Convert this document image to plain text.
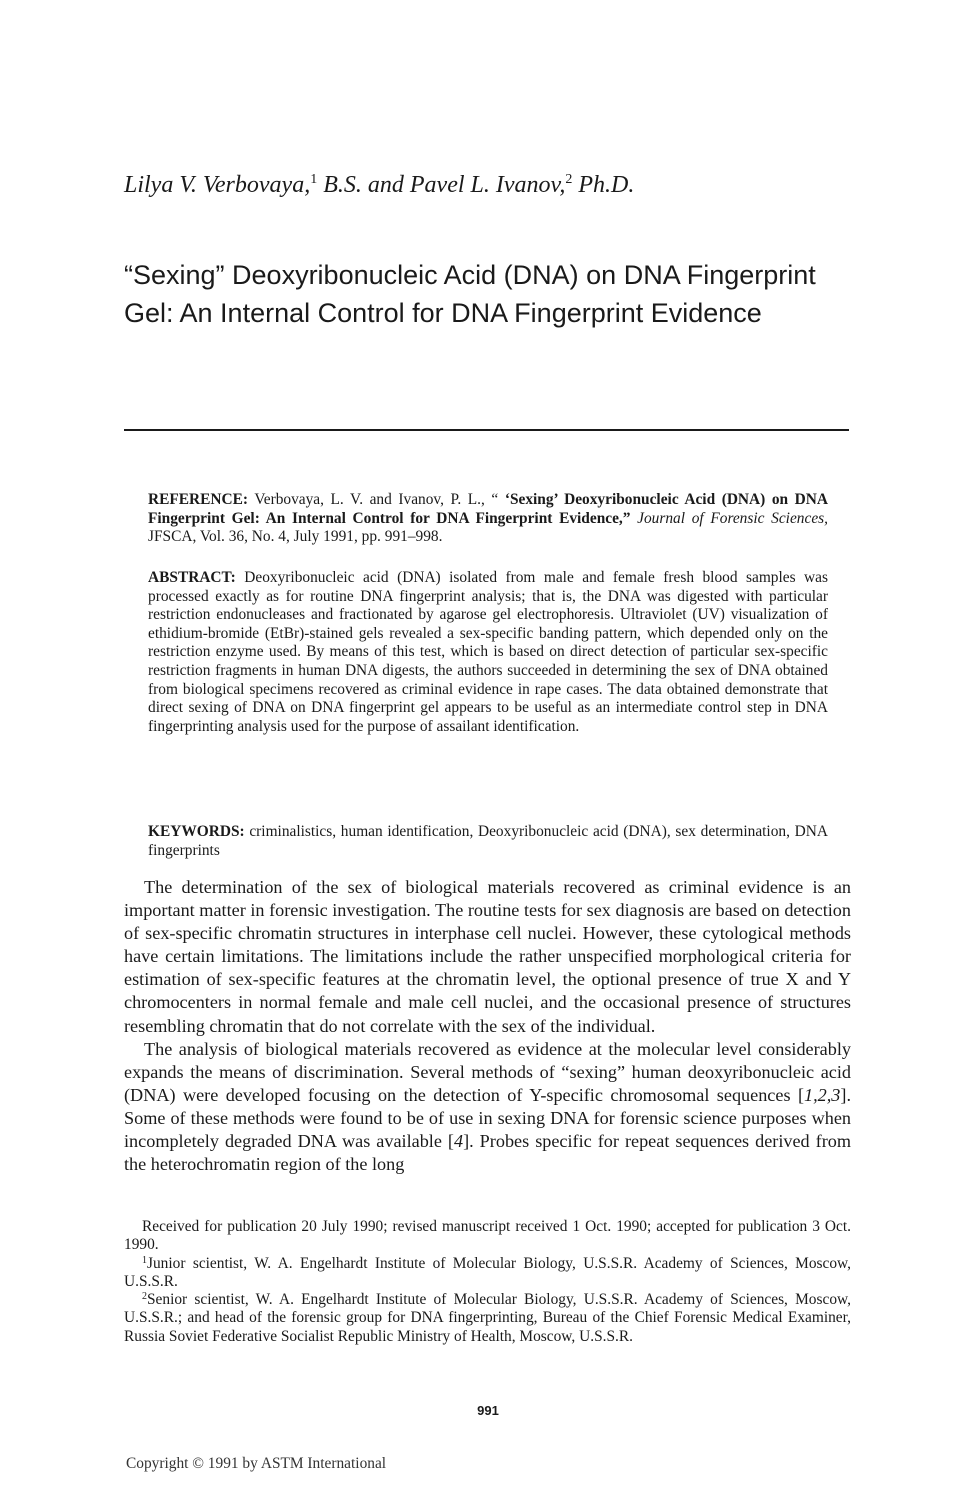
Lilya V. Verbovaya,$^1$ B.S. and Pavel L. Ivanov,$^2$ Ph.D.
“Sexing” Deoxyribonucleic Acid (DNA) on DNA Fingerprint Gel: An Internal Control for DNA Fingerprint Evidence

REFERENCE: Verbovaya, L. V. and Ivanov, P. L., “ ‘Sexing’ Deoxyribonucleic Acid (DNA) on DNA Fingerprint Gel: An Internal Control for DNA Fingerprint Evidence,” Journal of Forensic Sciences, JFSCA, Vol. 36, No. 4, July 1991, pp. 991–998.

ABSTRACT: Deoxyribonucleic acid (DNA) isolated from male and female fresh blood samples was processed exactly as for routine DNA fingerprint analysis; that is, the DNA was digested with particular restriction endonucleases and fractionated by agarose gel electrophoresis. Ultraviolet (UV) visualization of ethidium-bromide (EtBr)-stained gels revealed a sex-specific banding pattern, which depended only on the restriction enzyme used. By means of this test, which is based on direct detection of particular sex-specific restriction fragments in human DNA digests, the authors succeeded in determining the sex of DNA obtained from biological specimens recovered as criminal evidence in rape cases. The data obtained demonstrate that direct sexing of DNA on DNA fingerprint gel appears to be useful as an intermediate control step in DNA fingerprinting analysis used for the purpose of assailant identification.

KEYWORDS: criminalistics, human identification, Deoxyribonucleic acid (DNA), sex determination, DNA fingerprints

The determination of the sex of biological materials recovered as criminal evidence is an important matter in forensic investigation. The routine tests for sex diagnosis are based on detection of sex-specific chromatin structures in interphase cell nuclei. However, these cytological methods have certain limitations. The limitations include the rather unspecified morphological criteria for estimation of sex-specific features at the chromatin level, the optional presence of true X and Y chromocenters in normal female and male cell nuclei, and the occasional presence of structures resembling chromatin that do not correlate with the sex of the individual.

The analysis of biological materials recovered as evidence at the molecular level considerably expands the means of discrimination. Several methods of “sexing” human deoxyribonucleic acid (DNA) were developed focusing on the detection of Y-specific chromosomal sequences [1,2,3]. Some of these methods were found to be of use in sexing DNA for forensic science purposes when incompletely degraded DNA was available [4]. Probes specific for repeat sequences derived from the heterochromatin region of the long

Received for publication 20 July 1990; revised manuscript received 1 Oct. 1990; accepted for publication 3 Oct. 1990.

$^1$Junior scientist, W. A. Engelhardt Institute of Molecular Biology, U.S.S.R. Academy of Sciences, Moscow, U.S.S.R.

$^2$Senior scientist, W. A. Engelhardt Institute of Molecular Biology, U.S.S.R. Academy of Sciences, Moscow, U.S.S.R.; and head of the forensic group for DNA fingerprinting, Bureau of the Chief Forensic Medical Examiner, Russia Soviet Federative Socialist Republic Ministry of Health, Moscow, U.S.S.R.

991
Copyright © 1991 by ASTM International
